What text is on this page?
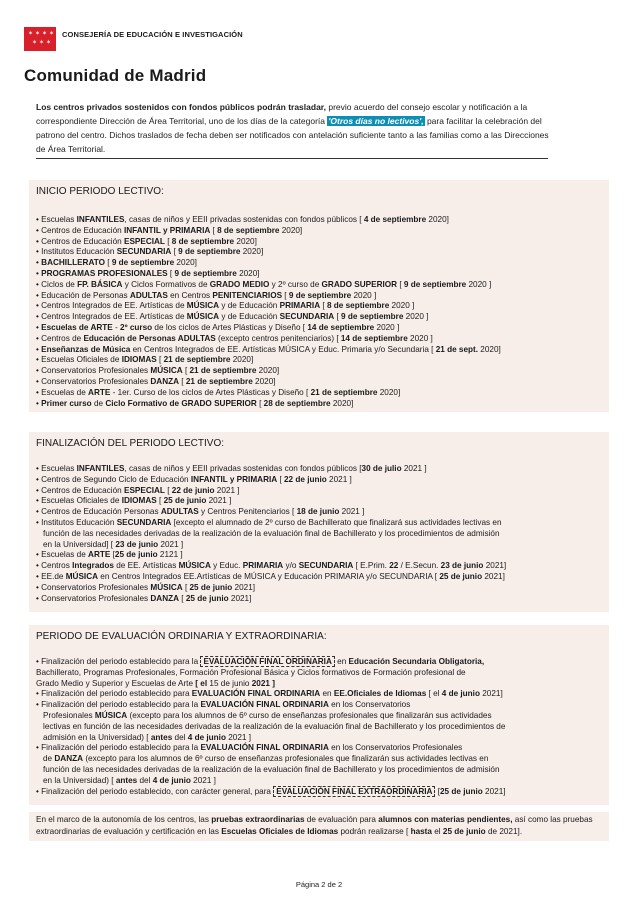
✶ ✶ ✶ ✶
✶ ✶ ✶
CONSEJERÍA DE EDUCACIÓN E INVESTIGACIÓN
Comunidad de Madrid
Los centros privados sostenidos con fondos públicos podrán trasladar, previo acuerdo del consejo escolar y notificación a la correspondiente Dirección de Área Territorial, uno de los días de la categoría 'Otros días no lectivos', para facilitar la celebración del patrono del centro. Dichos traslados de fecha deben ser notificados con antelación suficiente tanto a las familias como a las Direcciones de Área Territorial.
INICIO PERIODO LECTIVO:
• Escuelas INFANTILES, casas de niños y EEII privadas sostenidas con fondos públicos [ 4 de septiembre 2020]
• Centros de Educación INFANTIL y PRIMARIA [ 8 de septiembre 2020]
• Centros de Educación ESPECIAL [ 8 de septiembre 2020]
• Institutos Educación SECUNDARIA [ 9 de septiembre 2020]
• BACHILLERATO [ 9 de septiembre 2020]
• PROGRAMAS PROFESIONALES [ 9 de septiembre 2020]
• Ciclos de FP. BÁSICA y Ciclos Formativos de GRADO MEDIO y 2º curso de GRADO SUPERIOR [ 9 de septiembre 2020 ]
• Educación de Personas ADULTAS en Centros PENITENCIARIOS [ 9 de septiembre 2020 ]
• Centros Integrados de EE. Artísticas de MÚSICA y de Educación PRIMARIA [ 8 de septiembre 2020 ]
• Centros Integrados de EE. Artísticas de MÚSICA y de Educación SECUNDARIA [ 9 de septiembre 2020 ]
• Escuelas de ARTE - 2º curso de los ciclos de Artes Plásticas y Diseño [ 14 de septiembre 2020 ]
• Centros de Educación de Personas ADULTAS (excepto centros penitenciarios) [ 14 de septiembre 2020 ]
• Enseñanzas de Música en Centros Integrados de EE. Artísticas MÚSICA y Educ. Primaria y/o Secundaria [ 21 de sept. 2020]
• Escuelas Oficiales de IDIOMAS [ 21 de septiembre 2020]
• Conservatorios Profesionales MÚSICA [ 21 de septiembre 2020]
• Conservatorios Profesionales DANZA [ 21 de septiembre 2020]
• Escuelas de ARTE - 1er. Curso de los ciclos de Artes Plásticas y Diseño [ 21 de septiembre 2020]
• Primer curso de Ciclo Formativo de GRADO SUPERIOR [ 28 de septiembre 2020]
FINALIZACIÓN DEL PERIODO LECTIVO:
• Escuelas INFANTILES, casas de niños y EEII privadas sostenidas con fondos públicos [30 de julio 2021 ]
• Centros de Segundo Ciclo de Educación INFANTIL y PRIMARIA [ 22 de junio 2021 ]
• Centros de Educación ESPECIAL [ 22 de junio 2021 ]
• Escuelas Oficiales de IDIOMAS [ 25 de junio 2021 ]
• Centros de Educación Personas ADULTAS y Centros Penitenciarios [ 18 de junio 2021 ]
• Institutos Educación SECUNDARIA [excepto el alumnado de 2º curso de Bachillerato que finalizará sus actividades lectivas en
función de las necesidades derivadas de la realización de la evaluación final de Bachillerato y los procedimientos de admisión
en la Universidad] [ 23 de junio 2021 ]
• Escuelas de ARTE [25 de junio 2121 ]
• Centros Integrados de EE. Artísticas MÚSICA y Educ. PRIMARIA y/o SECUNDARIA [ E.Prim. 22 / E.Secun. 23 de junio 2021]
• EE.de MÚSICA en Centros Integrados EE.Artísticas de MÚSICA y Educación PRIMARIA y/o SECUNDARIA [ 25 de junio 2021]
• Conservatorios Profesionales MÚSICA [ 25 de junio 2021]
• Conservatorios Profesionales DANZA [ 25 de junio 2021]
PERIODO DE EVALUACIÓN ORDINARIA Y EXTRAORDINARIA:
• Finalización del periodo establecido para la EVALUACIÓN FINAL ORDINARIA en Educación Secundaria Obligatoria,
Bachillerato, Programas Profesionales, Formación Profesional Básica y Ciclos formativos de Formación profesional de
Grado Medio y Superior y Escuelas de Arte [ el 15 de junio 2021 ]
• Finalización del periodo establecido para EVALUACIÓN FINAL ORDINARIA en EE.Oficiales de Idiomas [ el 4 de junio 2021]
• Finalización del periodo establecido para la EVALUACIÓN FINAL ORDINARIA en los Conservatorios
Profesionales MÚSICA (excepto para los alumnos de 6º curso de enseñanzas profesionales que finalizarán sus actividades
lectivas en función de las necesidades derivadas de la realización de la evaluación final de Bachillerato y los procedimientos de
admisión en la Universidad) [ antes del 4 de junio 2021 ]
• Finalización del periodo establecido para la EVALUACIÓN FINAL ORDINARIA en los Conservatorios Profesionales
de DANZA (excepto para los alumnos de 6º curso de enseñanzas profesionales que finalizarán sus actividades lectivas en
función de las necesidades derivadas de la realización de la evaluación final de Bachillerato y los procedimientos de admisión
en la Universidad) [ antes del 4 de junio 2021 ]
• Finalización del periodo establecido, con carácter general, para EVALUACIÓN FINAL EXTRAORDINARIA [25 de junio 2021]
En el marco de la autonomía de los centros, las pruebas extraordinarias de evaluación para alumnos con materias pendientes, así como las pruebas extraordinarias de evaluación y certificación en las Escuelas Oficiales de Idiomas podrán realizarse [ hasta el 25 de junio de 2021].
Página 2 de 2
